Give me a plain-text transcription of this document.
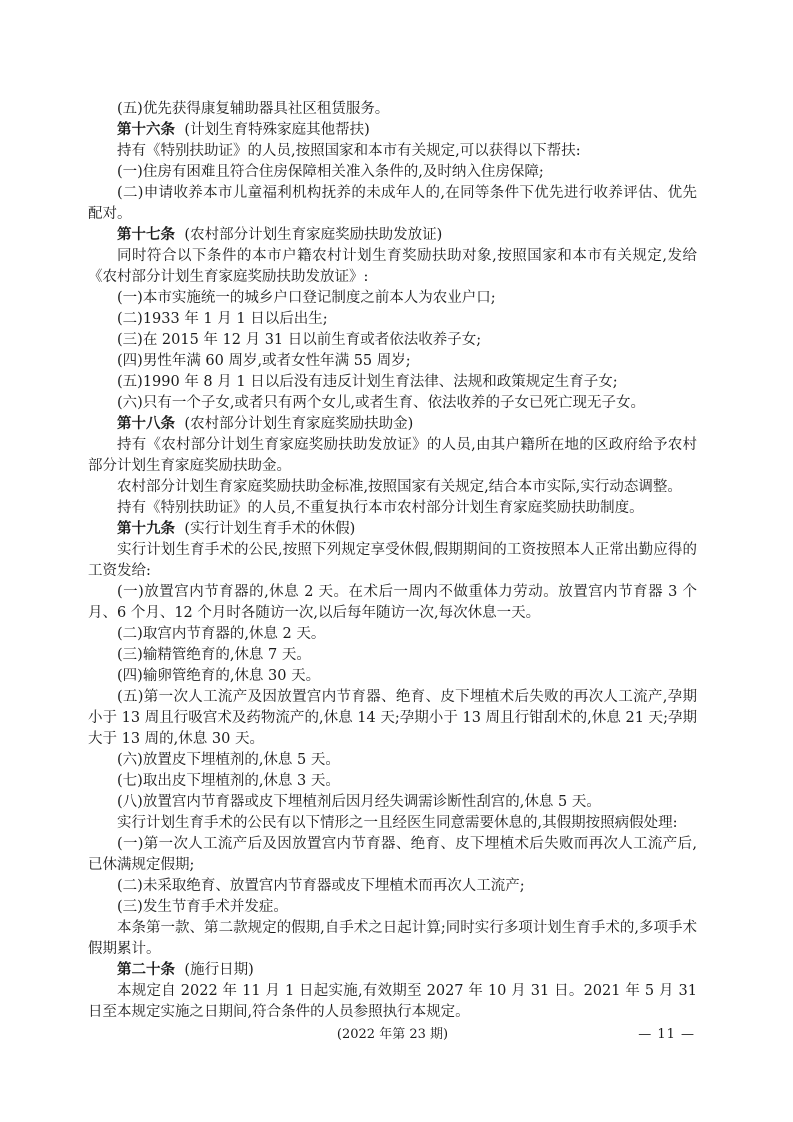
(五)优先获得康复辅助器具社区租赁服务。

第十六条 (计划生育特殊家庭其他帮扶)

持有《特别扶助证》的人员,按照国家和本市有关规定,可以获得以下帮扶:

(一)住房有困难且符合住房保障相关准入条件的,及时纳入住房保障;

(二)申请收养本市儿童福利机构抚养的未成年人的,在同等条件下优先进行收养评估、优先配对。

第十七条 (农村部分计划生育家庭奖励扶助发放证)

同时符合以下条件的本市户籍农村计划生育奖励扶助对象,按照国家和本市有关规定,发给《农村部分计划生育家庭奖励扶助发放证》:

(一)本市实施统一的城乡户口登记制度之前本人为农业户口;

(二)1933 年 1 月 1 日以后出生;

(三)在 2015 年 12 月 31 日以前生育或者依法收养子女;

(四)男性年满 60 周岁,或者女性年满 55 周岁;

(五)1990 年 8 月 1 日以后没有违反计划生育法律、法规和政策规定生育子女;

(六)只有一个子女,或者只有两个女儿,或者生育、依法收养的子女已死亡现无子女。

第十八条 (农村部分计划生育家庭奖励扶助金)

持有《农村部分计划生育家庭奖励扶助发放证》的人员,由其户籍所在地的区政府给予农村部分计划生育家庭奖励扶助金。

农村部分计划生育家庭奖励扶助金标准,按照国家有关规定,结合本市实际,实行动态调整。

持有《特别扶助证》的人员,不重复执行本市农村部分计划生育家庭奖励扶助制度。

第十九条 (实行计划生育手术的休假)

实行计划生育手术的公民,按照下列规定享受休假,假期期间的工资按照本人正常出勤应得的工资发给:

(一)放置宫内节育器的,休息 2 天。在术后一周内不做重体力劳动。放置宫内节育器 3 个月、6 个月、12 个月时各随访一次,以后每年随访一次,每次休息一天。

(二)取宫内节育器的,休息 2 天。

(三)输精管绝育的,休息 7 天。

(四)输卵管绝育的,休息 30 天。

(五)第一次人工流产及因放置宫内节育器、绝育、皮下埋植术后失败的再次人工流产,孕期小于 13 周且行吸宫术及药物流产的,休息 14 天;孕期小于 13 周且行钳刮术的,休息 21 天;孕期大于 13 周的,休息 30 天。

(六)放置皮下埋植剂的,休息 5 天。

(七)取出皮下埋植剂的,休息 3 天。

(八)放置宫内节育器或皮下埋植剂后因月经失调需诊断性刮宫的,休息 5 天。

实行计划生育手术的公民有以下情形之一且经医生同意需要休息的,其假期按照病假处理:

(一)第一次人工流产后及因放置宫内节育器、绝育、皮下埋植术后失败而再次人工流产后,已休满规定假期;

(二)未采取绝育、放置宫内节育器或皮下埋植术而再次人工流产;

(三)发生节育手术并发症。

本条第一款、第二款规定的假期,自手术之日起计算;同时实行多项计划生育手术的,多项手术假期累计。

第二十条 (施行日期)

本规定自 2022 年 11 月 1 日起实施,有效期至 2027 年 10 月 31 日。2021 年 5 月 31 日至本规定实施之日期间,符合条件的人员参照执行本规定。

(2022 年第 23 期)	— 11 —
